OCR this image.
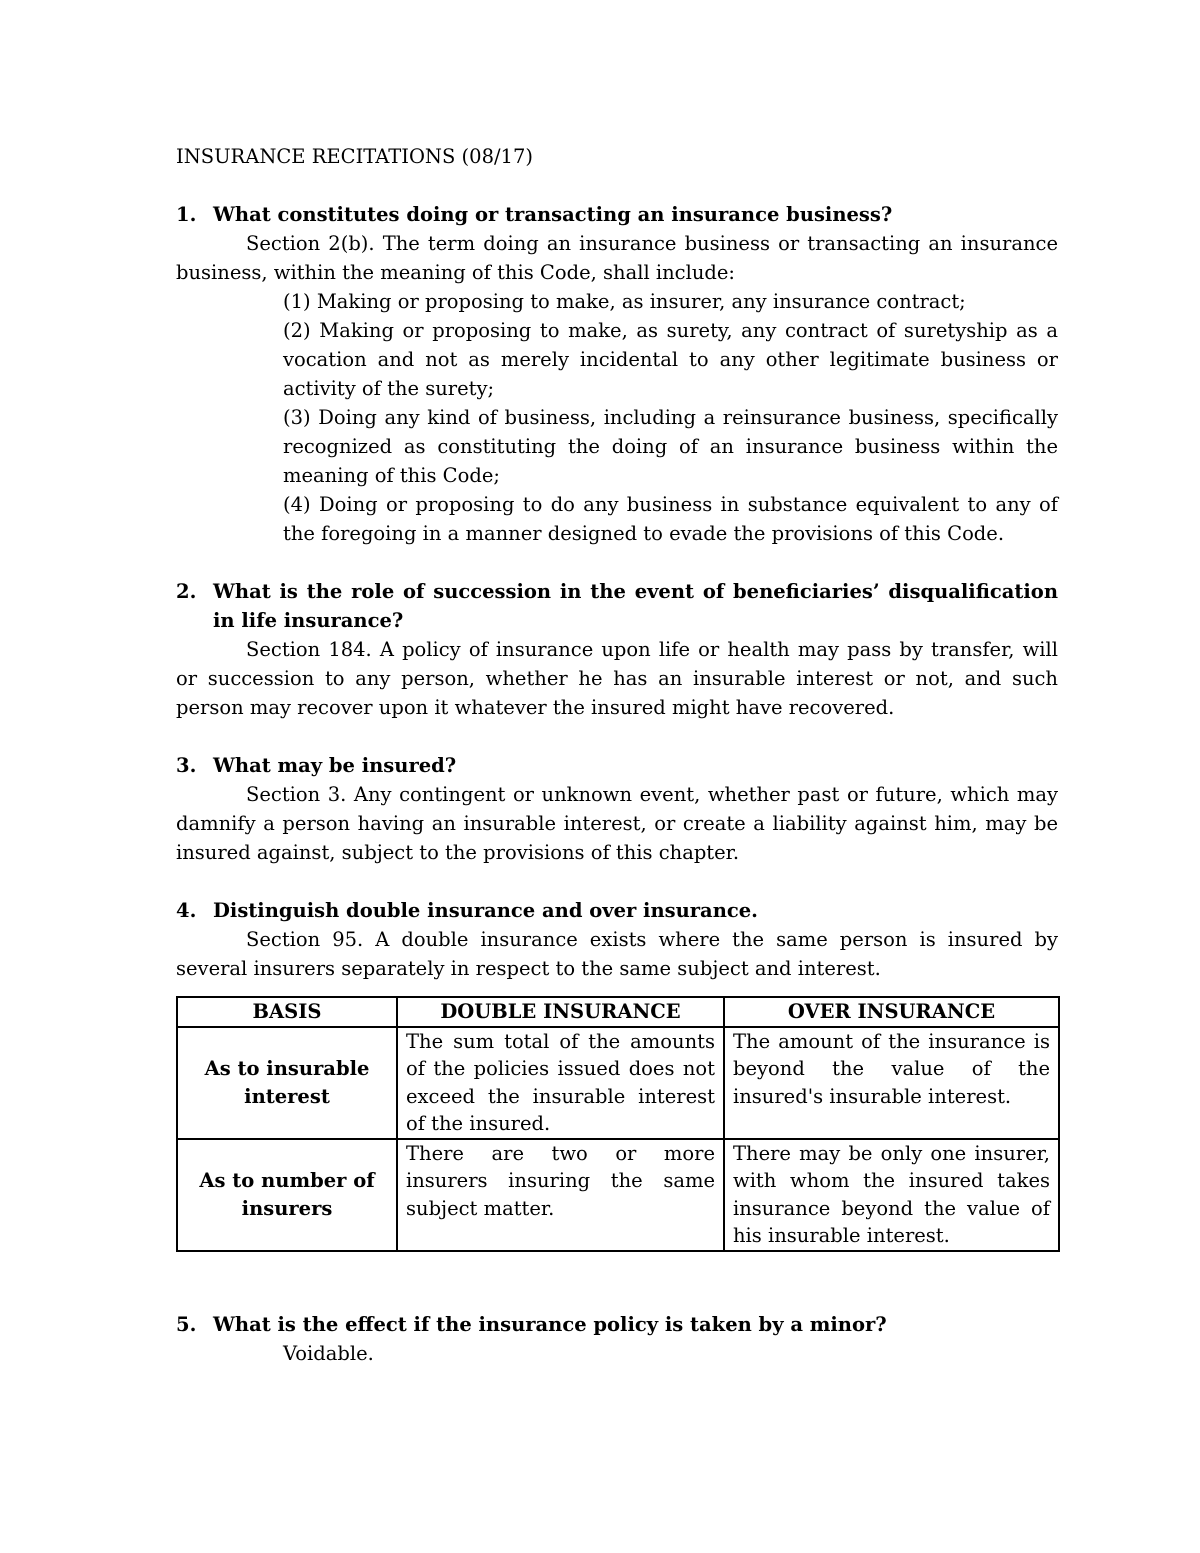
INSURANCE RECITATIONS (08/17)
1. What constitutes doing or transacting an insurance business?

Section 2(b). The term doing an insurance business or transacting an insurance business, within the meaning of this Code, shall include:

(1) Making or proposing to make, as insurer, any insurance contract;
(2) Making or proposing to make, as surety, any contract of suretyship as a vocation and not as merely incidental to any other legitimate business or activity of the surety;
(3) Doing any kind of business, including a reinsurance business, specifically recognized as constituting the doing of an insurance business within the meaning of this Code;
(4) Doing or proposing to do any business in substance equivalent to any of the foregoing in a manner designed to evade the provisions of this Code.
2. What is the role of succession in the event of beneficiaries’ disqualification in life insurance?

Section 184. A policy of insurance upon life or health may pass by transfer, will or succession to any person, whether he has an insurable interest or not, and such person may recover upon it whatever the insured might have recovered.

3. What may be insured?

Section 3. Any contingent or unknown event, whether past or future, which may damnify a person having an insurable interest, or create a liability against him, may be insured against, subject to the provisions of this chapter.

4. Distinguish double insurance and over insurance.

Section 95. A double insurance exists where the same person is insured by several insurers separately in respect to the same subject and interest.

BASIS	DOUBLE INSURANCE	OVER INSURANCE
As to insurable interest	The sum total of the amounts of the policies issued does not exceed the insurable interest of the insured.	The amount of the insurance is beyond the value of the insured's insurable interest.
As to number of insurers	There are two or more insurers insuring the same subject matter.	There may be only one insurer, with whom the insured takes insurance beyond the value of his insurable interest.
5. What is the effect if the insurance policy is taken by a minor?

Voidable.
